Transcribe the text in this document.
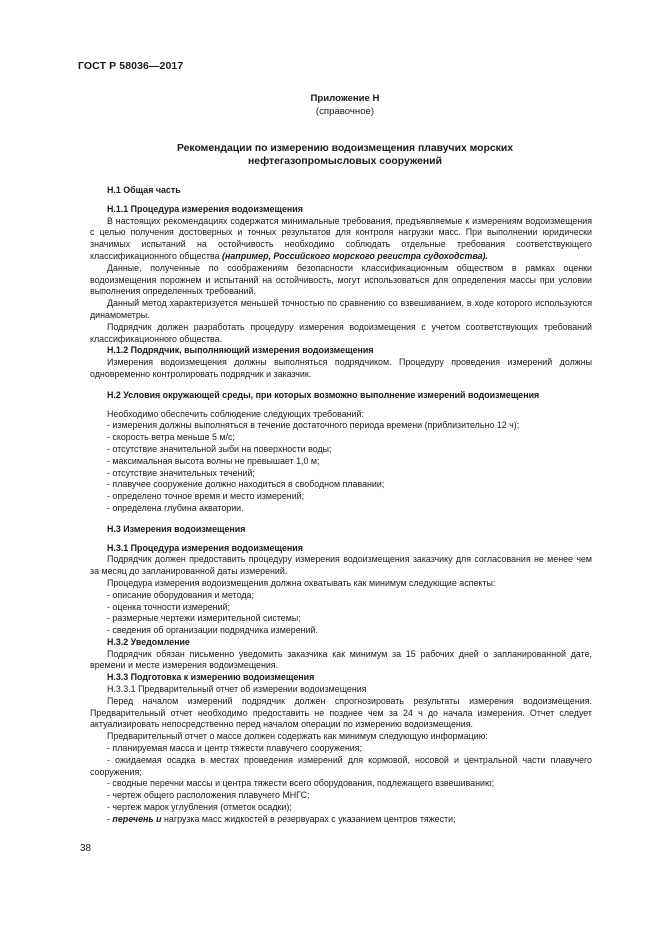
ГОСТ Р 58036—2017
Приложение Н
(справочное)
Рекомендации по измерению водоизмещения плавучих морских
нефтегазопромысловых сооружений

Н.1 Общая часть

Н.1.1 Процедура измерения водоизмещения

В настоящих рекомендациях содержатся минимальные требования, предъявляемые к измерениям водоизмещения с целью получения достоверных и точных результатов для контроля нагрузки масс. При выполнении юридически значимых испытаний на остойчивость необходимо соблюдать отдельные требования соответствующего классификационного общества (например, Российского морского регистра судоходства).

Данные, полученные по соображениям безопасности классификационным обществом в рамках оценки водоизмещения порожнем и испытаний на остойчивость, могут использоваться для определения массы при условии выполнения определенных требований.

Данный метод характеризуется меньшей точностью по сравнению со взвешиванием, в ходе которого используются динамометры.

Подрядчик должен разработать процедуру измерения водоизмещения с учетом соответствующих требований классификационного общества.

Н.1.2 Подрядчик, выполняющий измерения водоизмещения

Измерения водоизмещения должны выполняться подрядчиком. Процедуру проведения измерений должны одновременно контролировать подрядчик и заказчик.

Н.2 Условия окружающей среды, при которых возможно выполнение измерений водоизмещения

Необходимо обеспечить соблюдение следующих требований:

- измерения должны выполняться в течение достаточного периода времени (приблизительно 12 ч);

- скорость ветра меньше 5 м/с;

- отсутствие значительной зыби на поверхности воды;

- максимальная высота волны не превышает 1,0 м;

- отсутствие значительных течений;

- плавучее сооружение должно находиться в свободном плавании;

- определено точное время и место измерений;

- определена глубина акватории.

Н.3 Измерения водоизмещения

Н.3.1 Процедура измерения водоизмещения

Подрядчик должен предоставить процедуру измерения водоизмещения заказчику для согласования не менее чем за месяц до запланированной даты измерений.

Процедура измерения водоизмещения должна охватывать как минимум следующие аспекты:

- описание оборудования и метода;

- оценка точности измерений;

- размерные чертежи измерительной системы;

- сведения об организации подрядчика измерений.

Н.3.2 Уведомление

Подрядчик обязан письменно уведомить заказчика как минимум за 15 рабочих дней о запланированной дате, времени и месте измерения водоизмещения.

Н.3.3 Подготовка к измерению водоизмещения

Н.3.3.1 Предварительный отчет об измерении водоизмещения

Перед началом измерений подрядчик должен спрогнозировать результаты измерения водоизмещения. Предварительный отчет необходимо предоставить не позднее чем за 24 ч до начала измерения. Отчет следует актуализировать непосредственно перед началом операции по измерению водоизмещения.

Предварительный отчет о массе должен содержать как минимум следующую информацию:

- планируемая масса и центр тяжести плавучего сооружения;

- ожидаемая осадка в местах проведения измерений для кормовой, носовой и центральной части плавучего сооружения;

- сводные перечни массы и центра тяжести всего оборудования, подлежащего взвешиванию;

- чертеж общего расположения плавучего МНГС;

- чертеж марок углубления (отметок осадки);

- перечень и нагрузка масс жидкостей в резервуарах с указанием центров тяжести;

38
